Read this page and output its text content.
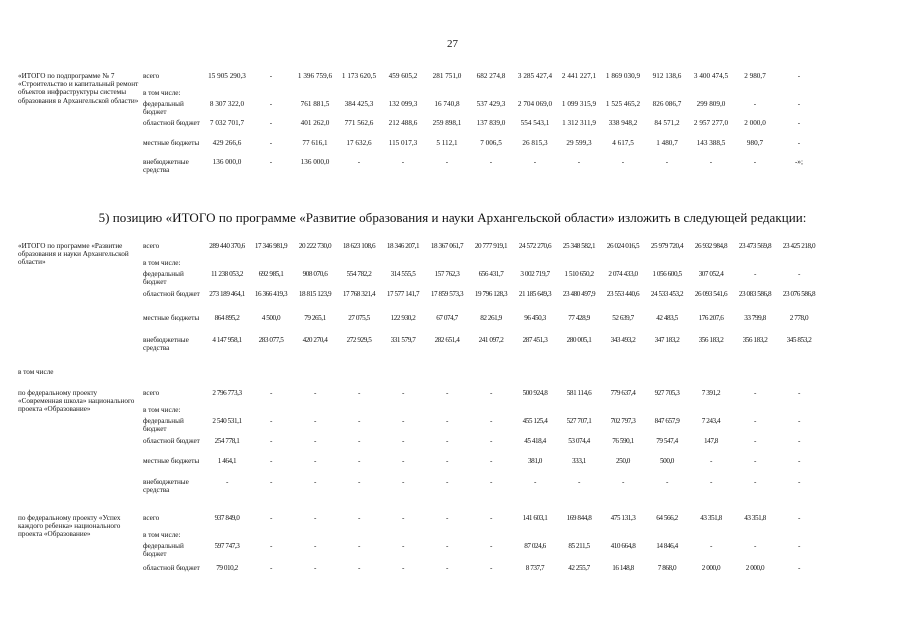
27
5) позицию «ИТОГО по программе «Развитие образования и науки Архангельской области» изложить в следующей редакции:
в том числе
«ИТОГО по подпрограмме № 7 «Строительство и капитальный ремонт объектов инфраструктуры системы образования в Архангельской области»	всего	15 905 290,3	-	1 396 759,6	1 173 620,5	459 605,2	281 751,0	682 274,8	3 285 427,4	2 441 227,1	1 869 030,9	912 138,6	3 400 474,5	2 980,7	-
	в том числе:														
	федеральный бюджет	8 307 322,0	-	761 881,5	384 425,3	132 099,3	16 740,8	537 429,3	2 704 069,0	1 099 315,9	1 525 465,2	826 086,7	299 809,0	-	-
	областной бюджет	7 032 701,7	-	401 262,0	771 562,6	212 488,6	259 898,1	137 839,0	554 543,1	1 312 311,9	338 948,2	84 571,2	2 957 277,0	2 000,0	-
	местные бюджеты	429 266,6	-	77 616,1	17 632,6	115 017,3	5 112,1	7 006,5	26 815,3	29 599,3	4 617,5	1 480,7	143 388,5	980,7	-
	внебюджетные средства	136 000,0	-	136 000,0	-	-	-	-	-	-	-	-	-	-	-»;
«ИТОГО по программе «Развитие образования и науки Архангельской области»	всего	289 440 370,6	17 346 981,9	20 222 730,0	18 623 108,6	18 346 207,1	18 367 061,7	20 777 919,1	24 572 270,6	25 348 582,1	26 024 016,5	25 979 720,4	26 932 984,8	23 473 569,8	23 425 218,0
	в том числе:														
	федеральный бюджет	11 238 053,2	692 985,1	908 070,6	554 782,2	314 555,5	157 762,3	656 431,7	3 002 719,7	1 510 650,2	2 074 433,0	1 056 600,5	307 052,4	-	-
	областной бюджет	273 189 464,1	16 366 419,3	18 815 123,9	17 768 321,4	17 577 141,7	17 859 573,3	19 796 128,3	21 185 649,3	23 480 497,9	23 553 440,6	24 533 453,2	26 093 541,6	23 083 586,8	23 076 586,8
	местные бюджеты	864 895,2	4 500,0	79 265,1	27 075,5	122 930,2	67 074,7	82 261,9	96 450,3	77 428,9	52 639,7	42 483,5	176 207,6	33 799,8	2 778,0
	внебюджетные средства	4 147 958,1	283 077,5	420 270,4	272 929,5	331 579,7	282 651,4	241 097,2	287 451,3	280 005,1	343 493,2	347 183,2	356 183,2	356 183,2	345 853,2
по федеральному проекту «Современная школа» национального проекта «Образование»	всего	2 796 773,3	-	-	-	-	-	-	500 924,8	581 114,6	779 637,4	927 705,3	7 391,2	-	-
	в том числе:														
	федеральный бюджет	2 540 531,1	-	-	-	-	-	-	455 125,4	527 707,1	702 797,3	847 657,9	7 243,4	-	-
	областной бюджет	254 778,1	-	-	-	-	-	-	45 418,4	53 074,4	76 590,1	79 547,4	147,8	-	-
	местные бюджеты	1 464,1	-	-	-	-	-	-	381,0	333,1	250,0	500,0	-	-	-
	внебюджетные средства	-	-	-	-	-	-	-	-	-	-	-	-	-	-
по федеральному проекту «Успех каждого ребенка» национального проекта «Образование»	всего	937 849,0	-	-	-	-	-	-	141 603,1	169 844,8	475 131,3	64 566,2	43 351,8	43 351,8	-
	в том числе:														
	федеральный бюджет	597 747,3	-	-	-	-	-	-	87 024,6	85 211,5	410 664,8	14 846,4	-	-	-
	областной бюджет	79 010,2	-	-	-	-	-	-	8 737,7	42 255,7	16 148,8	7 868,0	2 000,0	2 000,0	-
